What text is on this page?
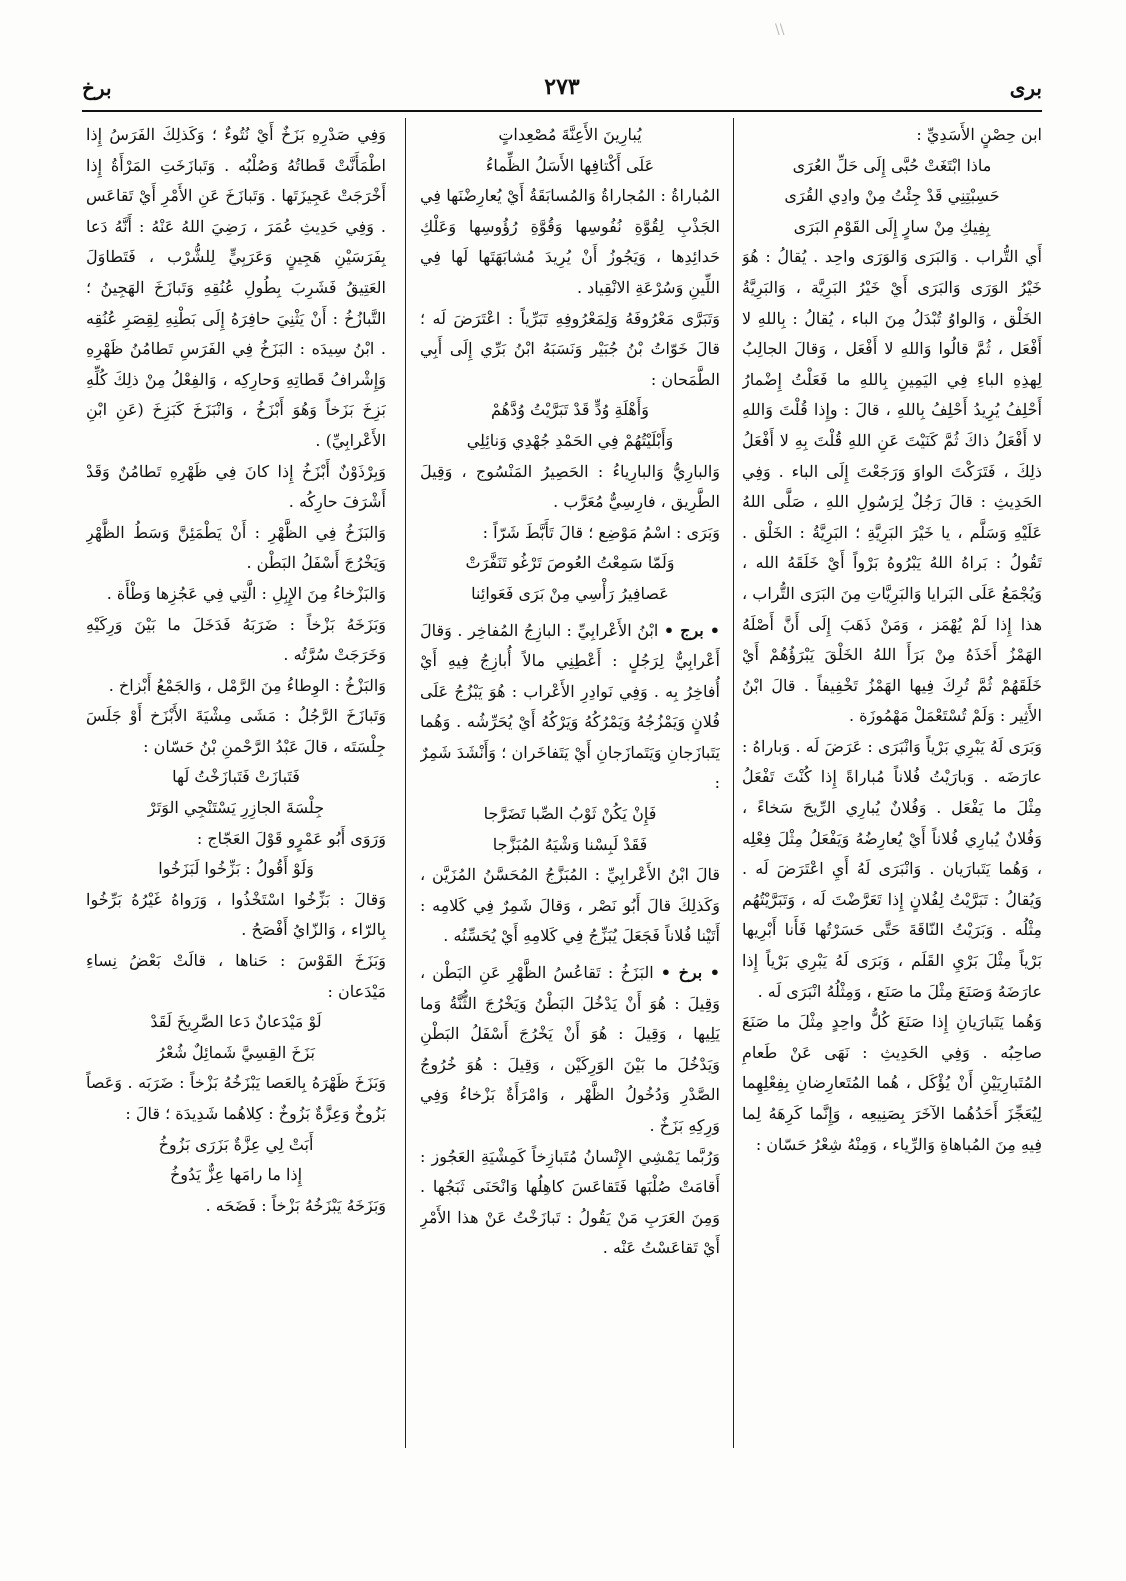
\\
برى
٢٧٣
برخ

ابن حِصْنٍ الأَسَدِيِّ :

ماذا ابْتَغَتْ حُبَّى إِلَى حَلِّ العُرَى

حَسِبْتِنِي قَدْ جِئْتُ مِنْ وادِي القُرَى

بِفِيكِ مِنْ سارٍ إِلَى القَوْمِ البَرَى

أَي التُّراب . وَالبَرَى وَالوَرَى واحِد . يُقالُ : هُوَ خَيْرُ الوَرَى وَالبَرَى أَيْ خَيْرُ البَرِيَّة ، وَالبَرِيَّةُ الخَلْق ، وَالواوُ تُبْدَلُ مِنَ الباء ، يُقالُ : بِاللهِ لا أَفْعَل ، ثُمَّ قالُوا وَاللهِ لا أَفْعَل ، وَقالَ الجالِبُ لِهذِهِ الباءِ فِي اليَمِينِ بِاللهِ ما فَعَلْتُ إِضْمارُ أَحْلِفُ يُرِيدُ أَحْلِفُ بِاللهِ ، قالَ : وإِذا قُلْتَ وَاللهِ لا أَفْعَلُ ذاكَ ثُمَّ كَنَيْتَ عَنِ اللهِ قُلْتَ بِهِ لا أَفْعَلُ ذلِكَ ، فَتَرَكْتَ الواوَ وَرَجَعْتَ إِلَى الباء . وَفِي الحَدِيثِ : قالَ رَجُلٌ لِرَسُولِ اللهِ ، صَلَّى اللهُ عَلَيْهِ وَسَلَّم ، يا خَيْرَ البَرِيَّةِ ؛ البَرِيَّةُ : الخَلْق . تَقُولُ : بَراهُ اللهُ يَبْرُوهُ بَرْواً أَيْ خَلَقَهُ الله ، وَيُجْمَعُ عَلَى البَرايا وَالبَرِيَّاتِ مِنَ البَرَى التُّراب ، هذا إِذا لَمْ يُهْمَز ، وَمَنْ ذَهَبَ إِلَى أَنَّ أَصْلَهُ الهَمْزُ أَخَذَهُ مِنْ بَرَأَ اللهُ الخَلْقَ يَبْرَؤُهُمْ أَيْ خَلَقَهُمْ ثُمَّ تُرِكَ فِيها الهَمْزُ تَخْفِيفاً . قالَ ابْنُ الأَثِير : وَلَمْ تُسْتَعْمَلْ مَهْمُوزَة .

وَبَرَى لَهُ يَبْرِي بَرْياً وَانْبَرَى : عَرَضَ لَه . وَباراهُ : عارَضَه . وَبارَيْتُ فُلاناً مُباراةً إِذا كُنْتَ تَفْعَلُ مِثْلَ ما يَفْعَل . وَفُلانٌ يُبارِي الرِّيحَ سَخاءً ، وَفُلانٌ يُبارِي فُلاناً أَيْ يُعارِضُهُ وَيَفْعَلُ مِثْلَ فِعْلِه ، وَهُما يَتَبارَيان . وَانْبَرَى لَهُ أَيِ اعْتَرَضَ لَه . وَيُقالُ : تَبَرَّيْتُ لِفُلانٍ إِذا تَعَرَّضْتَ لَه ، وَتَبَرَّيْتُهُم مِثْلُه . وَبَرَيْتُ النّاقَةَ حَتَّى حَسَرْتُها فَأَنا أَبْرِيها بَرْياً مِثْلَ بَرْيِ القَلَم ، وَبَرَى لَهُ يَبْرِي بَرْياً إِذا عارَضَهُ وَصَنَعَ مِثْلَ ما صَنَع ، وَمِثْلُهُ انْبَرَى لَه .

وَهُما يَتَبارَيانِ إِذا صَنَعَ كُلُّ واحِدٍ مِثْلَ ما صَنَعَ صاحِبُه . وَفِي الحَدِيثِ : نَهَى عَنْ طَعامِ المُتَبارِيَيْنِ أَنْ يُؤْكَل ، هُما المُتَعارِضانِ بِفِعْلِهِما لِيُعَجِّزَ أَحَدُهُما الآخَرَ بِصَنِيعِه ، وَإِنَّما كَرِهَهُ لِما فِيهِ مِنَ المُباهاةِ وَالرِّياء ، وَمِنْهُ شِعْرُ حَسّان :

يُبارِينَ الأَعِنَّةَ مُصْعِداتٍ

عَلَى أَكْتافِها الأَسَلُ الظِّماءُ

المُباراةُ : المُجاراةُ وَالمُسابَقَةُ أَيْ يُعارِضْنَها فِي الجَذْبِ لِقُوَّةِ نُفُوسِها وَقُوَّةِ رُؤُوسِها وَعَلْكِ حَدائِدِها ، وَيَجُوزُ أَنْ يُرِيدَ مُشابَهَتَها لَها فِي اللِّينِ وَسُرْعَةِ الانْقِياد .

وَتَبَرَّى مَعْرُوفَهُ وَلِمَعْرُوفِهِ تَبَرِّياً : اعْتَرَضَ لَه ؛ قالَ خَوّاتُ بْنُ جُبَيْر وَنَسَبَهُ ابْنُ بَرِّي إِلَى أَبِي الطَّمَحان :

وَأَهْلَةِ وُدٍّ قَدْ تَبَرَّيْتُ وُدَّهُمْ

وَأَبْلَيْتُهُمْ فِي الحَمْدِ جُهْدِي وَنائِلِي

وَالبارِيُّ وَالبارِياءُ : الحَصِيرُ المَنْسُوج ، وَقِيلَ الطَّرِيق ، فارِسِيٌّ مُعَرَّب .

وَبَرَى : اسْمُ مَوْضِع ؛ قالَ تَأَبَّطَ شَرّاً :

وَلَمّا سَمِعْتُ العُوصَ تَرْغُو تَنَفَّرَتْ

عَصافِيرُ رَأْسِي مِنْ بَرَى فَعَوائِنا

• برج • ابْنُ الأَعْرابِيِّ : البازِجُ المُفاخِر . وَقالَ أَعْرابِيٌّ لِرَجُلٍ : أَعْطِنِي مالاً أُبازِجُ فِيهِ أَيْ أُفاخِرُ بِه . وَفِي نَوادِرِ الأَعْراب : هُوَ يَبْزُجُ عَلَى فُلانٍ وَيَمْزُجُهُ وَيَمْرُكُهُ وَيَرْكُهُ أَيْ يُحَرِّشُه . وَهُما يَتَبازَجانِ وَيَتَمازَجانِ أَيْ يَتَفاخَران ؛ وَأَنْشَدَ شَمِرٌ :

فَإِنْ يَكُنْ ثَوْبُ الصِّبا تَضَرَّجا

فَقَدْ لَبِسْنا وَشْيَهُ المُبَزَّجا

قالَ ابْنُ الأَعْرابِيِّ : المُبَزَّجُ المُحَسَّنُ المُزَيَّن ، وَكَذلِكَ قالَ أَبُو نَصْر ، وَقالَ شَمِرٌ فِي كَلامِه : أَتَيْنا فُلاناً فَجَعَلَ يُبَزِّجُ فِي كَلامِهِ أَيْ يُحَسِّنُه .

• برخ • البَزَخُ : تَقاعُسُ الظَّهْرِ عَنِ البَطْن ، وَقِيلَ : هُوَ أَنْ يَدْخُلَ البَطْنُ وَيَخْرُجَ الثُّنَّةُ وَما يَلِيها ، وَقِيلَ : هُوَ أَنْ يَخْرُجَ أَسْفَلُ البَطْنِ وَيَدْخُلَ ما بَيْنَ الوَرِكَيْن ، وَقِيلَ : هُوَ خُرُوجُ الصَّدْرِ وَدُخُولُ الظَّهْر ، وَامْرَأَةٌ بَزْخاءُ وَفِي وَرِكِهِ بَزَخٌ .

وَرُبَّما يَمْشِي الإِنْسانُ مُتَبازِخاً كَمِشْيَةِ العَجُوز : أَقامَتْ صُلْبَها فَتَقاعَسَ كاهِلُها وَانْحَنَى ثَبَجُها . وَمِنَ العَرَبِ مَنْ يَقُولُ : تَبازَخْتُ عَنْ هذا الأَمْرِ أَيْ تَقاعَسْتُ عَنْه .

وَفِي صَدْرِهِ بَزَخٌ أَيْ نُتُوءٌ ؛ وَكَذلِكَ الفَرَسُ إِذا اطْمَأَنَّتْ قَطاتُهُ وَصُلْبُه . وَتَبازَخَتِ المَرْأَةُ إِذا أَخْرَجَتْ عَجِيزَتَها . وَتَبازَخَ عَنِ الأَمْرِ أَيْ تَقاعَس . وَفِي حَدِيثِ عُمَرَ ، رَضِيَ اللهُ عَنْهُ : أَنَّهُ دَعا بِفَرَسَيْنِ هَجِينٍ وَعَرَبِيٍّ لِلشُّرْب ، فَتَطاوَلَ العَتِيقُ فَشَرِبَ بِطُولِ عُنُقِهِ وَتَبازَخَ الهَجِينُ ؛ التَّبازُخُ : أَنْ يَثْنِيَ حافِرَهُ إِلَى بَطْنِهِ لِقِصَرِ عُنُقِه . ابْنُ سِيدَه : البَزَخُ فِي الفَرَسِ تَطامُنُ ظَهْرِهِ وَإِشْرافُ قَطاتِهِ وَحارِكِه ، وَالفِعْلُ مِنْ ذلِكَ كُلِّهِ بَزِخَ بَزَخاً وَهُوَ أَبْزَخُ ، وَانْبَزَخَ كَبَزِخَ (عَنِ ابْنِ الأَعْرابِيِّ) .

وَبِرْذَوْنٌ أَبْزَخُ إِذا كانَ فِي ظَهْرِهِ تَطامُنٌ وَقَدْ أَشْرَفَ حارِكُه .

وَالبَزَخُ فِي الظَّهْرِ : أَنْ يَطْمَئِنَّ وَسَطُ الظَّهْرِ وَيَخْرُجَ أَسْفَلُ البَطْن .

وَالبَزْخاءُ مِنَ الإِبِلِ : الَّتِي فِي عَجُزِها وَطْأَة .

وَبَزَخَهُ بَزْخاً : ضَرَبَهُ فَدَخَلَ ما بَيْنَ وَرِكَيْهِ وَخَرَجَتْ سُرَّتُه .

وَالبَزْخُ : الوِطاءُ مِنَ الرَّمْل ، وَالجَمْعُ أَبْزاخ .

وَتَبازَخَ الرَّجُلُ : مَشَى مِشْيَةَ الأَبْزَخ أَوْ جَلَسَ جِلْسَتَه ، قالَ عَبْدُ الرَّحْمنِ بْنُ حَسّان :

فَتَبازَتْ فَتَبازَخْتُ لَها

جِلْسَةَ الجازِرِ يَسْتَنْجِي الوَتَرْ

وَرَوَى أَبُو عَمْرٍو قَوْلَ العَجّاج :

وَلَوْ أَقُولُ : بَزِّخُوا لَبَزَخُوا

وَقالَ : بَزِّخُوا اسْتَخْذُوا ، وَرَواهُ غَيْرُهُ بَرِّخُوا بِالرّاء ، وَالزّايُ أَفْصَحُ .

وَبَزَخَ القَوْسَ : حَناها ، قالَتْ بَعْضُ نِساءِ مَيْدَعان :

لَوْ مَيْدَعانٌ دَعا الصَّرِيخَ لَقَدْ

بَزَخَ القِسِيَّ شَمائِلٌ شُعْرُ

وَبَزَخَ ظَهْرَهُ بِالعَصا يَبْزَخُهُ بَزْخاً : ضَرَبَه . وَعَصاً بَزُوخٌ وَعِزَّةٌ بَزُوخٌ : كِلاهُما شَدِيدَة ؛ قالَ :

أَبَتْ لِي عِزَّةٌ بَزَرَى بَزُوخُ

إِذا ما رامَها عِزٌّ يَدُوخُ

وَبَزَخَهُ يَبْزَخُهُ بَزْخاً : فَضَحَه .
